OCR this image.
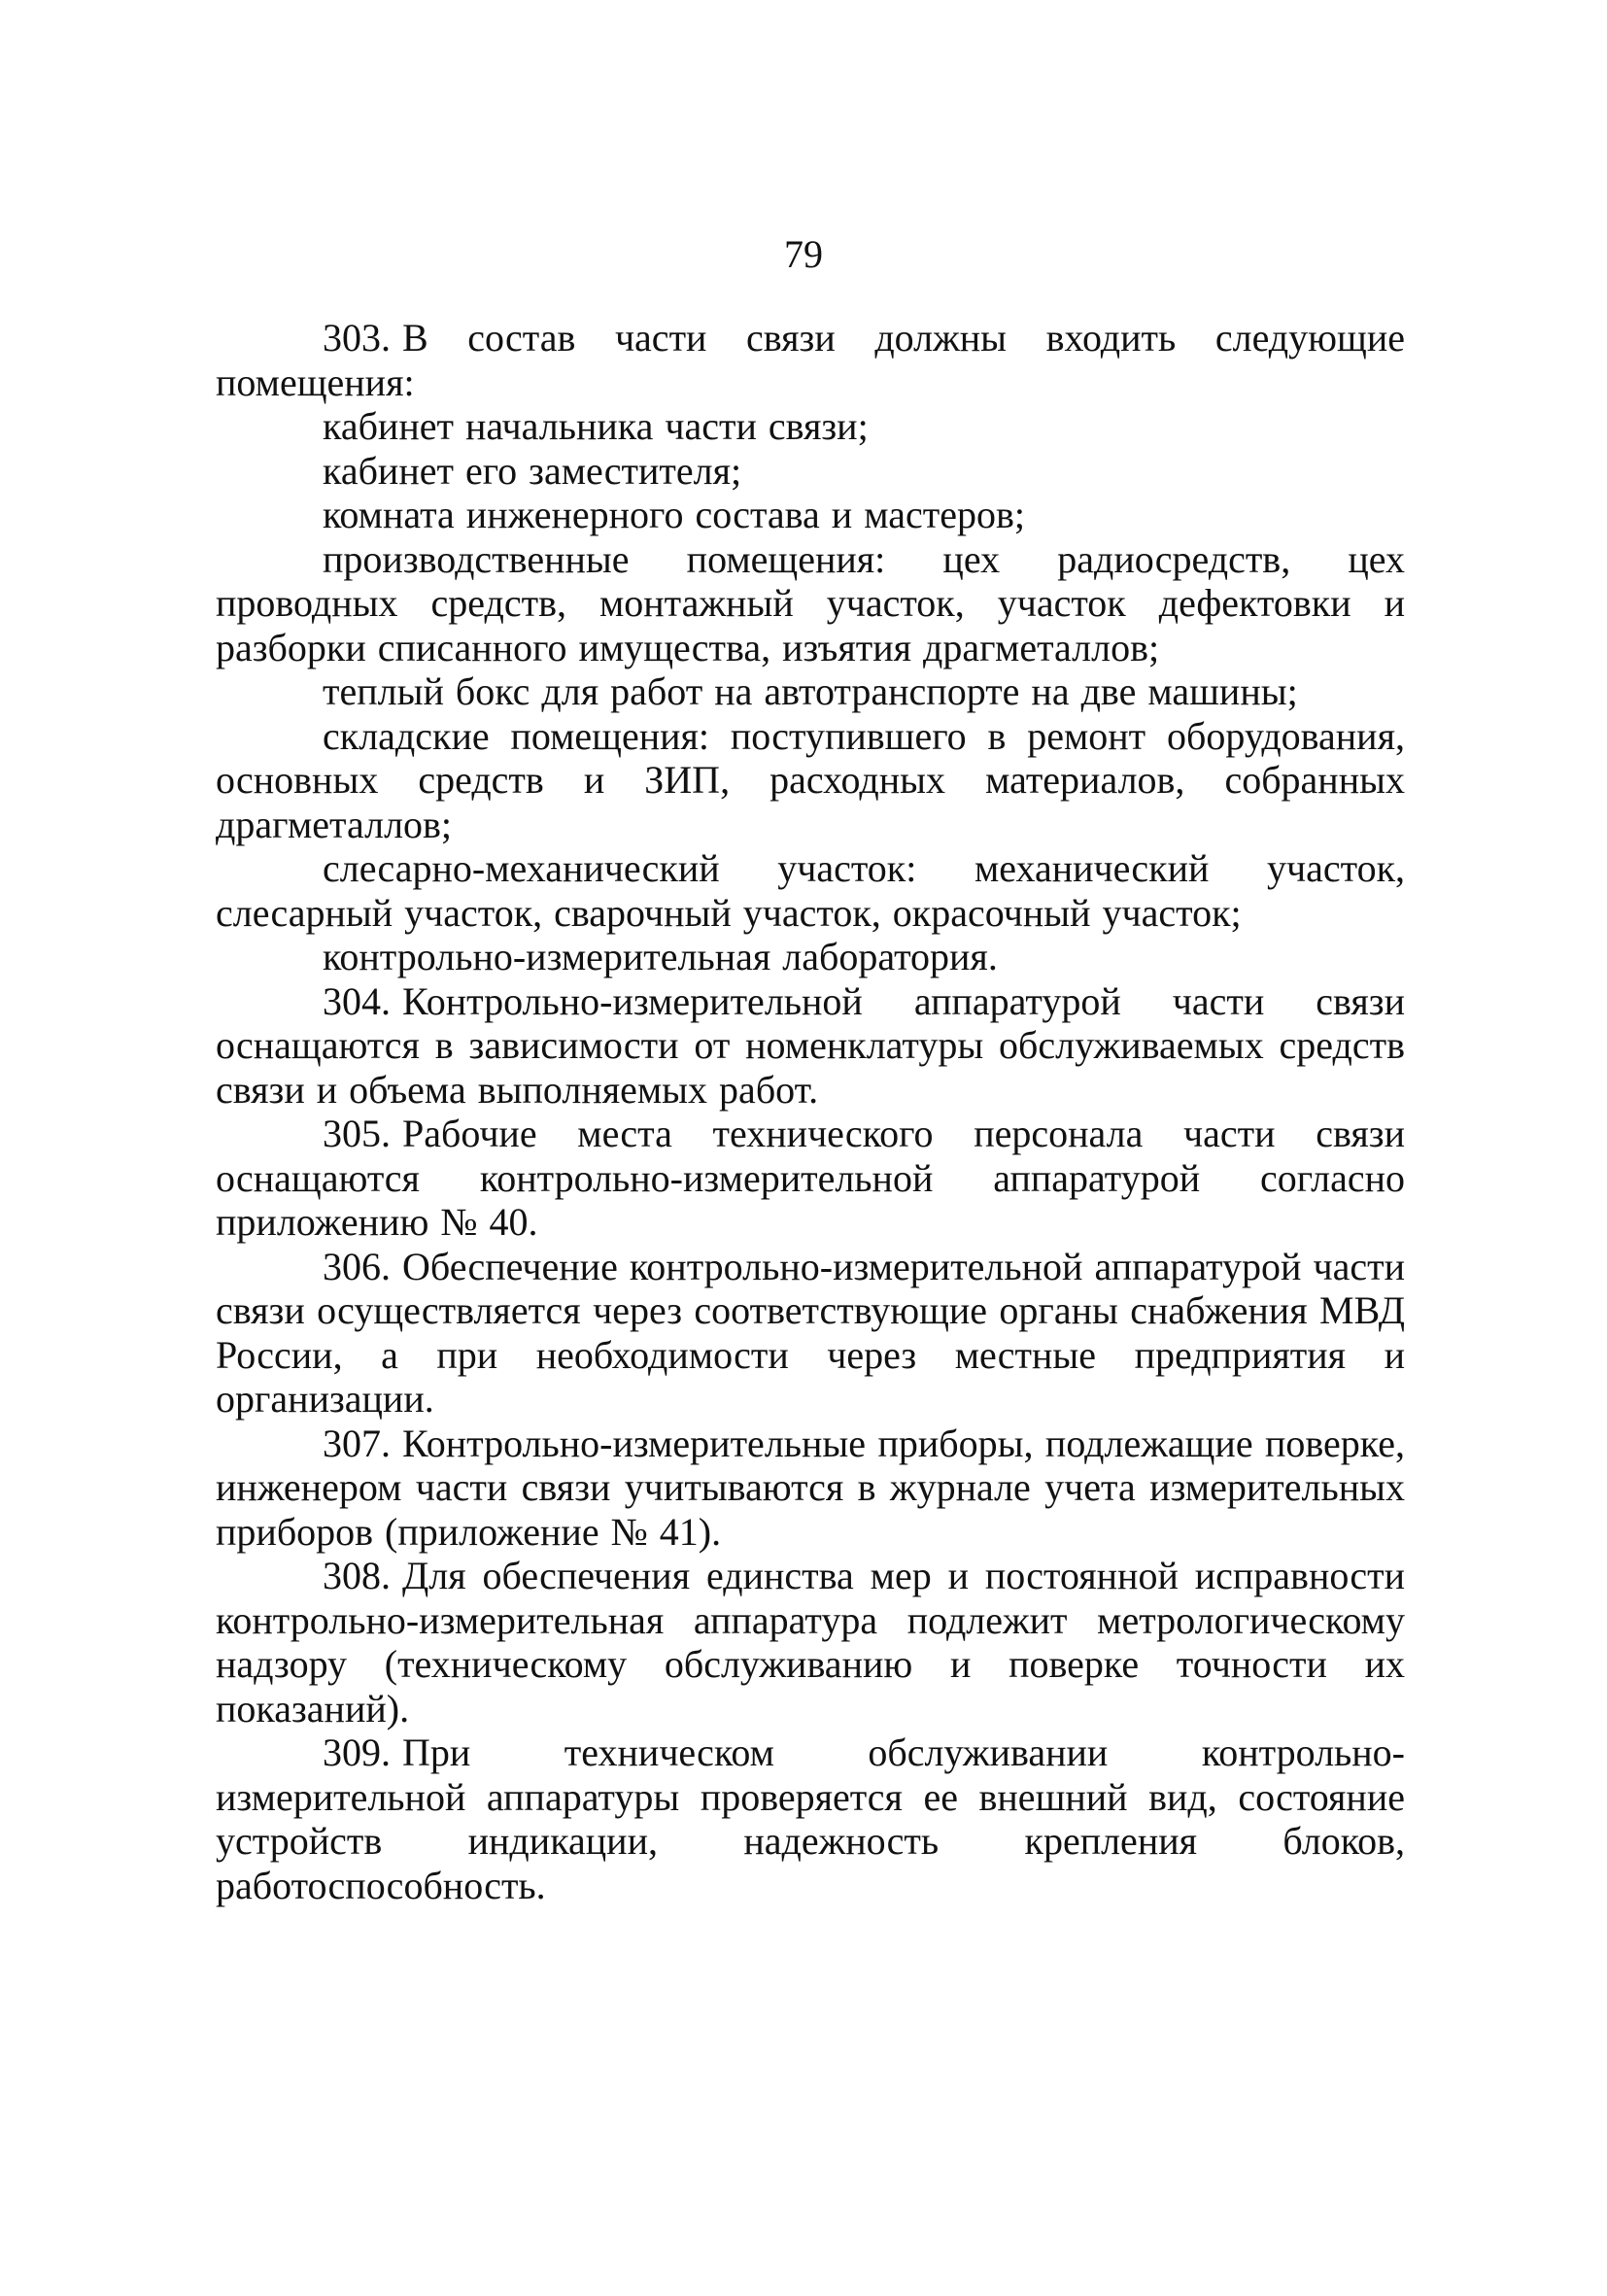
79

303. В состав части связи должны входить следующие помещения:

кабинет начальника части связи;

кабинет его заместителя;

комната инженерного состава и мастеров;

производственные помещения: цех радиосредств, цех проводных средств, монтажный участок, участок дефектовки и разборки списанного имущества, изъятия драгметаллов;

теплый бокс для работ на автотранспорте на две машины;

складские помещения: поступившего в ремонт оборудования, основных средств и ЗИП, расходных материалов, собранных драгметаллов;

слесарно-механический участок: механический участок, слесарный участок, сварочный участок, окрасочный участок;

контрольно-измерительная лаборатория.

304. Контрольно-измерительной аппаратурой части связи оснащаются в зависимости от номенклатуры обслуживаемых средств связи и объема выполняемых работ.

305. Рабочие места технического персонала части связи оснащаются контрольно-измерительной аппаратурой согласно приложению № 40.

306. Обеспечение контрольно-измерительной аппаратурой части связи осуществляется через соответствующие органы снабжения МВД России, а при необходимости через местные предприятия и организации.

307. Контрольно-измерительные приборы, подлежащие поверке, инженером части связи учитываются в журнале учета измерительных приборов (приложение № 41).

308. Для обеспечения единства мер и постоянной исправности контрольно-измерительная аппаратура подлежит метрологическому надзору (техническому обслуживанию и поверке точности их показаний).

309. При техническом обслуживании контрольно-измерительной аппаратуры проверяется ее внешний вид, состояние устройств индикации, надежность крепления блоков, работоспособность.
